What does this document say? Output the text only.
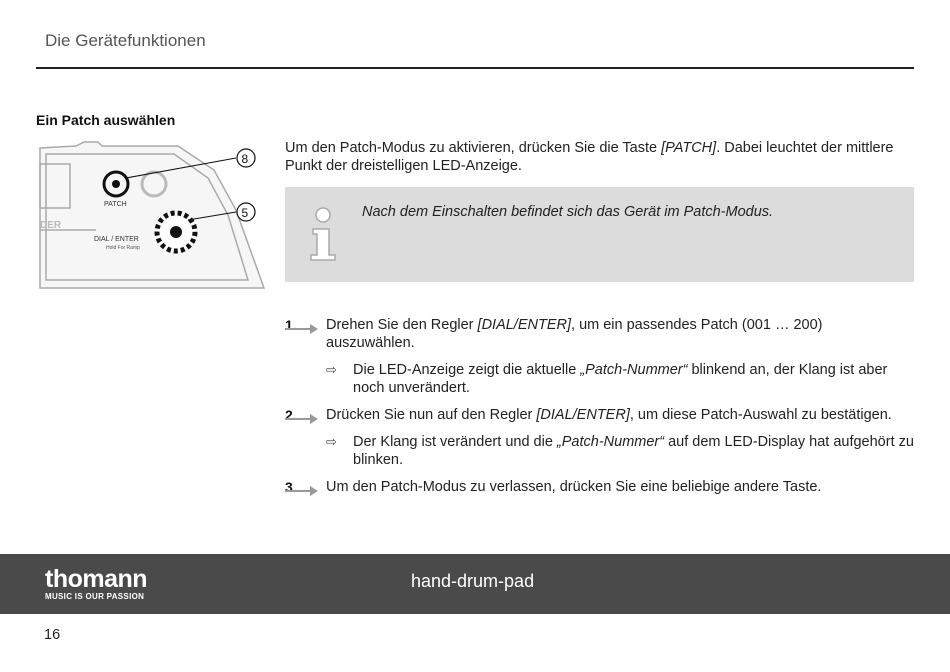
Die Gerätefunktionen
Ein Patch auswählen
DER
PATCH
DIAL / ENTER
Hold For Ramp
8
5
Um den Patch-Modus zu aktivieren, drücken Sie die Taste [PATCH]. Dabei leuchtet der mittlere Punkt der dreistelligen LED-Anzeige.
Nach dem Einschalten befindet sich das Gerät im Patch-Modus.
1.	Drehen Sie den Regler [DIAL/ENTER], um ein passendes Patch (001 … 200) auszuwählen.
⇨ Die LED-Anzeige zeigt die aktuelle „Patch-Nummer“ blinkend an, der Klang ist aber noch unverändert.
2.	Drücken Sie nun auf den Regler [DIAL/ENTER], um diese Patch-Auswahl zu bestätigen.
⇨ Der Klang ist verändert und die „Patch-Nummer“ auf dem LED-Display hat aufgehört zu blinken.
3.	Um den Patch-Modus zu verlassen, drücken Sie eine beliebige andere Taste.
thomann
MUSIC IS OUR PASSION
hand-drum-pad
16
